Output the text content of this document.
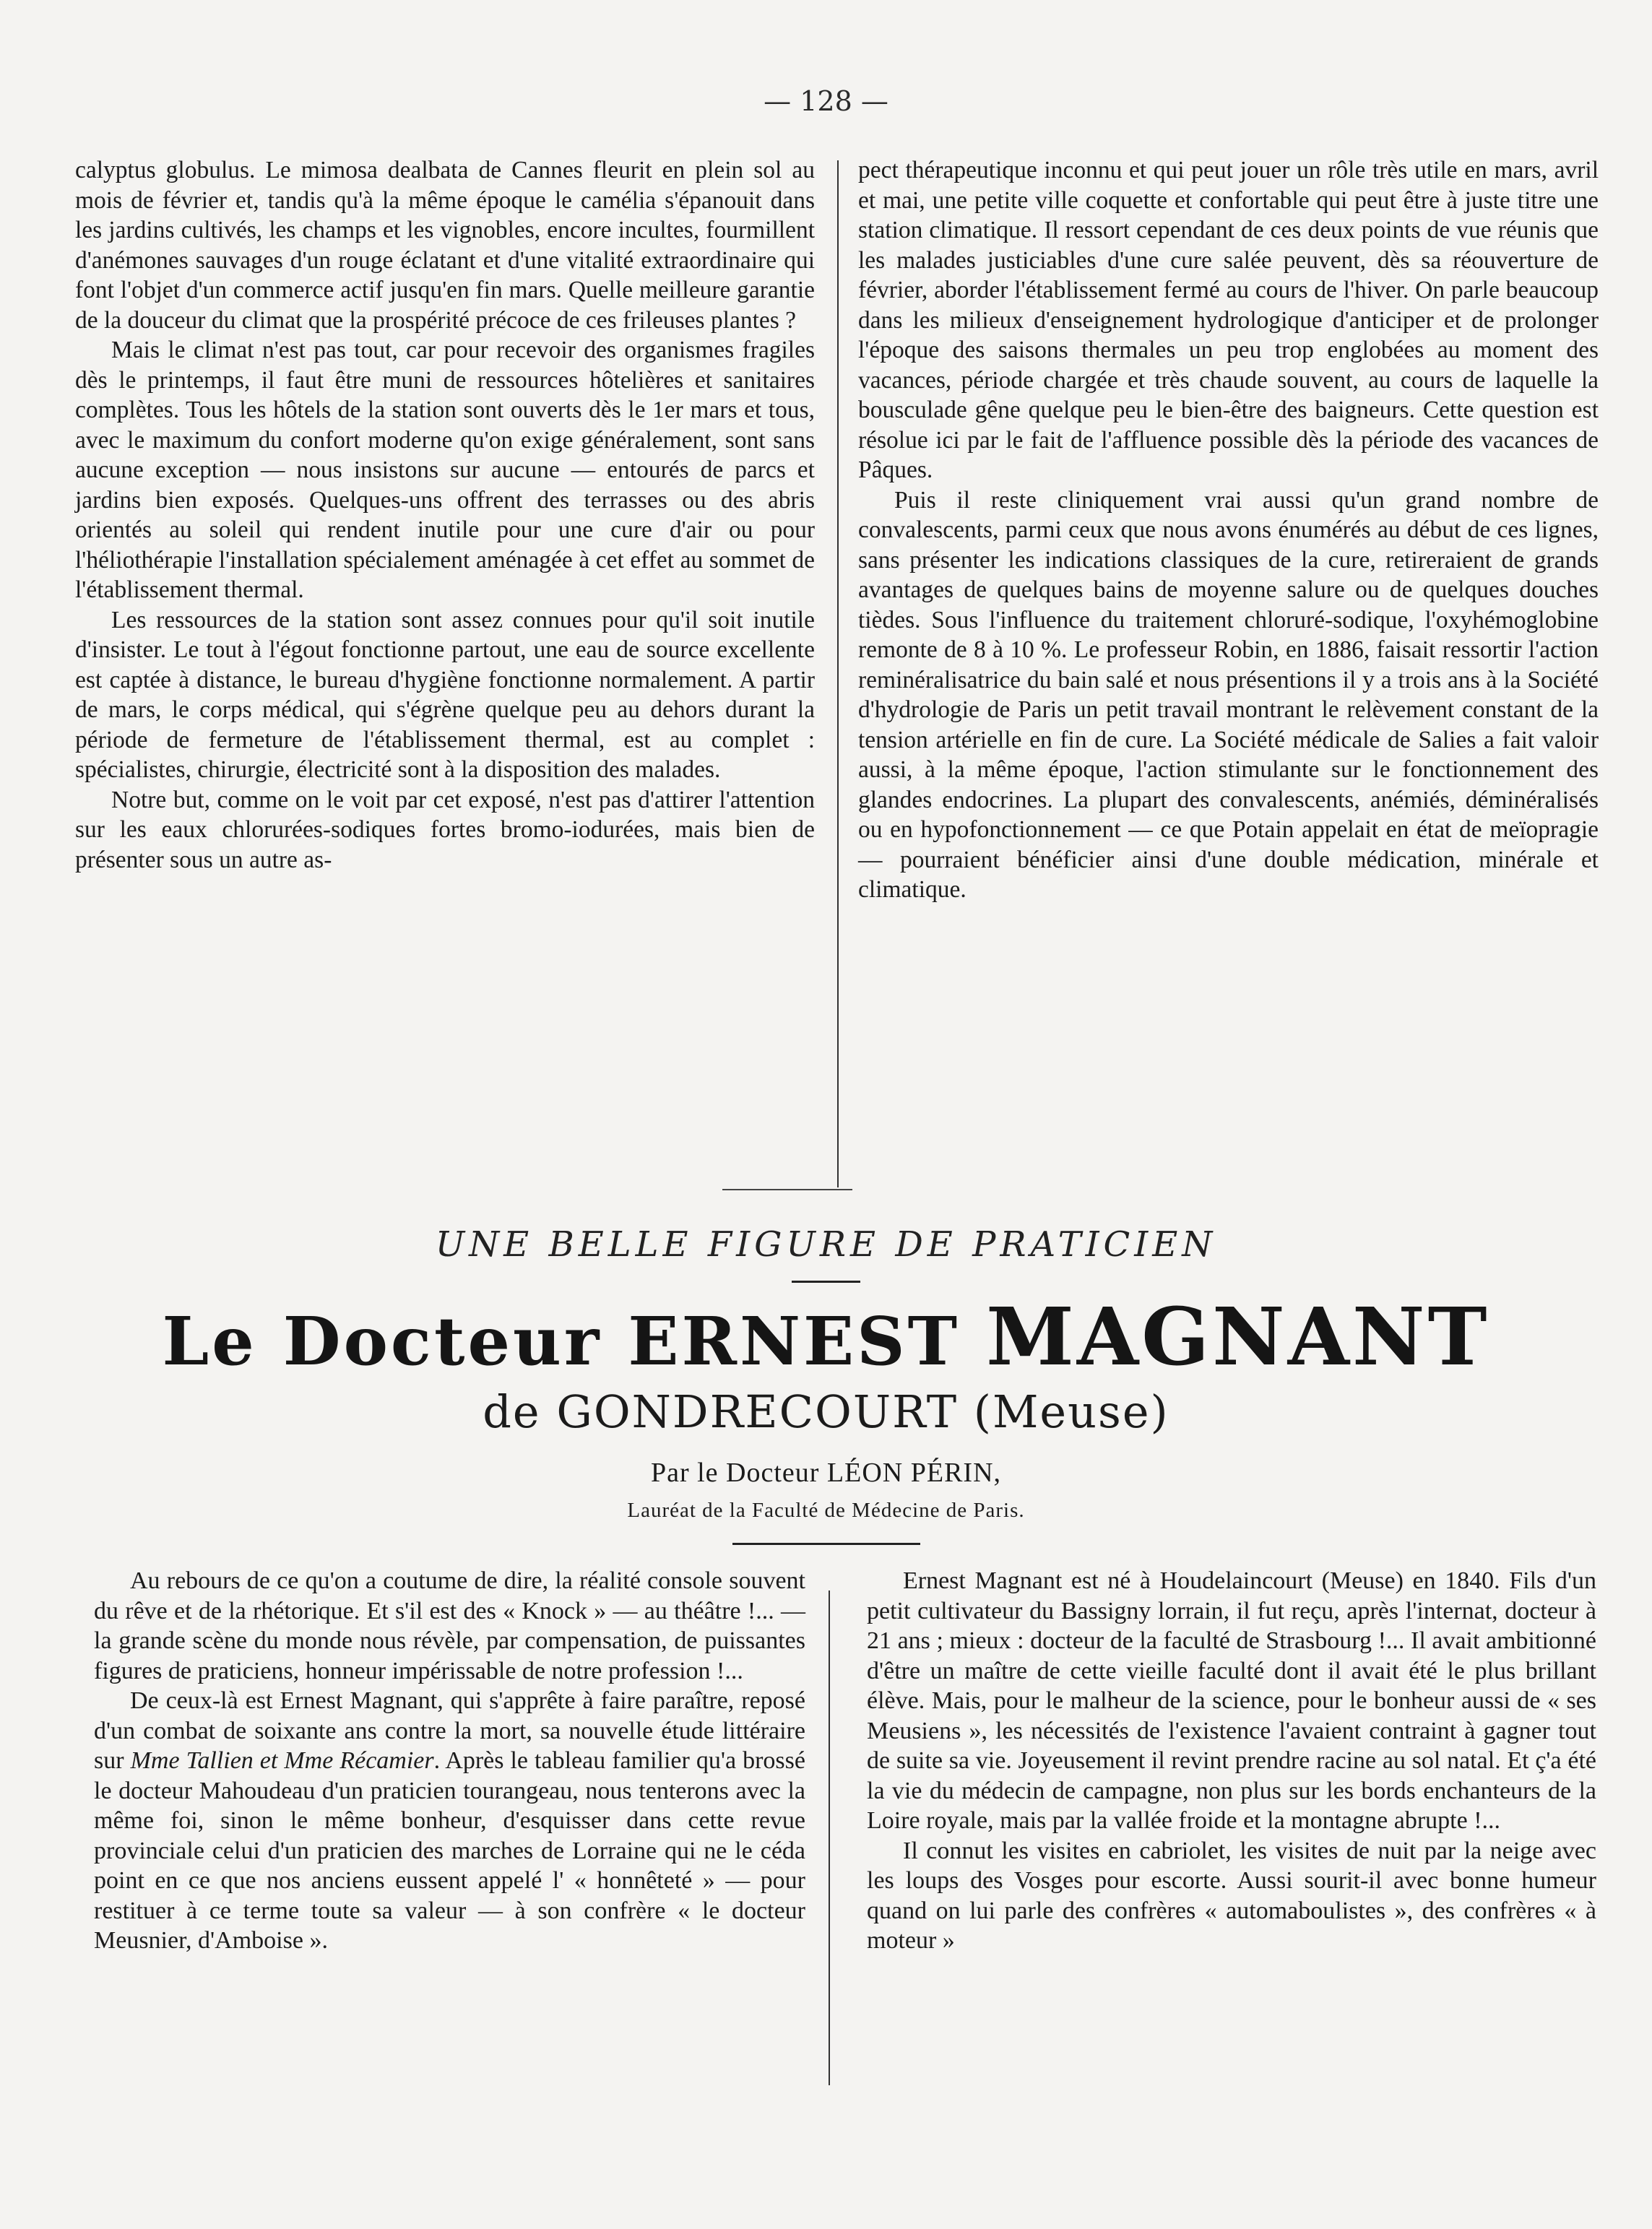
— 128 —

calyptus globulus. Le mimosa dealbata de Cannes fleurit en plein sol au mois de février et, tandis qu'à la même époque le camélia s'épanouit dans les jardins cultivés, les champs et les vignobles, encore incultes, fourmillent d'anémones sauvages d'un rouge éclatant et d'une vitalité extraordinaire qui font l'objet d'un commerce actif jusqu'en fin mars. Quelle meilleure garantie de la douceur du climat que la prospérité précoce de ces frileuses plantes ?

Mais le climat n'est pas tout, car pour recevoir des organismes fragiles dès le printemps, il faut être muni de ressources hôtelières et sanitaires complètes. Tous les hôtels de la station sont ouverts dès le 1er mars et tous, avec le maximum du confort moderne qu'on exige généralement, sont sans aucune exception — nous insistons sur aucune — entourés de parcs et jardins bien exposés. Quelques-uns offrent des terrasses ou des abris orientés au soleil qui rendent inutile pour une cure d'air ou pour l'héliothérapie l'installation spécialement aménagée à cet effet au sommet de l'établissement thermal.

Les ressources de la station sont assez connues pour qu'il soit inutile d'insister. Le tout à l'égout fonctionne partout, une eau de source excellente est captée à distance, le bureau d'hygiène fonctionne normalement. A partir de mars, le corps médical, qui s'égrène quelque peu au dehors durant la période de fermeture de l'établissement thermal, est au complet : spécialistes, chirurgie, électricité sont à la disposition des malades.

Notre but, comme on le voit par cet exposé, n'est pas d'attirer l'attention sur les eaux chlorurées-sodiques fortes bromo-iodurées, mais bien de présenter sous un autre as-

pect thérapeutique inconnu et qui peut jouer un rôle très utile en mars, avril et mai, une petite ville coquette et confortable qui peut être à juste titre une station climatique. Il ressort cependant de ces deux points de vue réunis que les malades justiciables d'une cure salée peuvent, dès sa réouverture de février, aborder l'établissement fermé au cours de l'hiver. On parle beaucoup dans les milieux d'enseignement hydrologique d'anticiper et de prolonger l'époque des saisons thermales un peu trop englobées au moment des vacances, période chargée et très chaude souvent, au cours de laquelle la bousculade gêne quelque peu le bien-être des baigneurs. Cette question est résolue ici par le fait de l'affluence possible dès la période des vacances de Pâques.

Puis il reste cliniquement vrai aussi qu'un grand nombre de convalescents, parmi ceux que nous avons énumérés au début de ces lignes, sans présenter les indications classiques de la cure, retireraient de grands avantages de quelques bains de moyenne salure ou de quelques douches tièdes. Sous l'influence du traitement chloruré-sodique, l'oxyhémoglobine remonte de 8 à 10 %. Le professeur Robin, en 1886, faisait ressortir l'action reminéralisatrice du bain salé et nous présentions il y a trois ans à la Société d'hydrologie de Paris un petit travail montrant le relèvement constant de la tension artérielle en fin de cure. La Société médicale de Salies a fait valoir aussi, à la même époque, l'action stimulante sur le fonctionnement des glandes endocrines. La plupart des convalescents, anémiés, déminéralisés ou en hypofonctionnement — ce que Potain appelait en état de meïopragie — pourraient bénéficier ainsi d'une double médication, minérale et climatique.

UNE BELLE FIGURE DE PRATICIEN

Le Docteur ERNEST MAGNANT

de GONDRECOURT (Meuse)

Par le Docteur LÉON PÉRIN,

Lauréat de la Faculté de Médecine de Paris.

Au rebours de ce qu'on a coutume de dire, la réalité console souvent du rêve et de la rhétorique. Et s'il est des « Knock » — au théâtre !... — la grande scène du monde nous révèle, par compensation, de puissantes figures de praticiens, honneur impérissable de notre profession !...

De ceux-là est Ernest Magnant, qui s'apprête à faire paraître, reposé d'un combat de soixante ans contre la mort, sa nouvelle étude littéraire sur Mme Tallien et Mme Récamier. Après le tableau familier qu'a brossé le docteur Mahoudeau d'un praticien tourangeau, nous tenterons avec la même foi, sinon le même bonheur, d'esquisser dans cette revue provinciale celui d'un praticien des marches de Lorraine qui ne le céda point en ce que nos anciens eussent appelé l' « honnêteté » — pour restituer à ce terme toute sa valeur — à son confrère « le docteur Meusnier, d'Amboise ».

Ernest Magnant est né à Houdelaincourt (Meuse) en 1840. Fils d'un petit cultivateur du Bassigny lorrain, il fut reçu, après l'internat, docteur à 21 ans ; mieux : docteur de la faculté de Strasbourg !... Il avait ambitionné d'être un maître de cette vieille faculté dont il avait été le plus brillant élève. Mais, pour le malheur de la science, pour le bonheur aussi de « ses Meusiens », les nécessités de l'existence l'avaient contraint à gagner tout de suite sa vie. Joyeusement il revint prendre racine au sol natal. Et ç'a été la vie du médecin de campagne, non plus sur les bords enchanteurs de la Loire royale, mais par la vallée froide et la montagne abrupte !...

Il connut les visites en cabriolet, les visites de nuit par la neige avec les loups des Vosges pour escorte. Aussi sourit-il avec bonne humeur quand on lui parle des confrères « automaboulistes », des confrères « à moteur »
